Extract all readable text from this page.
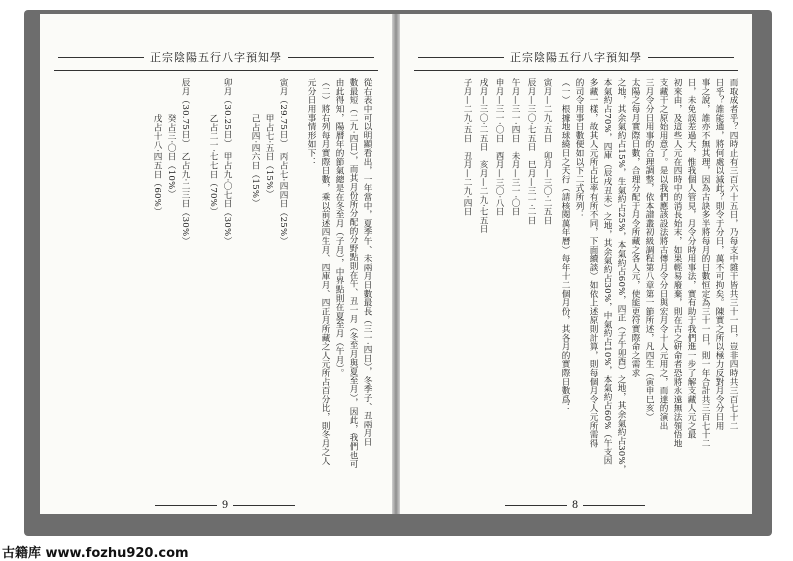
正宗陰陽五行八字預知學
從右表中可以明顯看出，一年當中，夏季午、未兩月日數最長（三一·四日），冬季子、丑兩月日
數最短（二九·四日），而其月份所分配的分野點則在午、丑一月（冬至月與夏至月），因此，我們也可
由此得知，陽曆年的節氣總是在冬至月（子月），中界點則在夏至月（午月）。
（二）將右列每月實際日數，乘以前述四生月、四庫月、四正月所藏之人元所占百分比，則冬月之人
元分日用事情形如下：
寅月（29.75日）　丙占七·四四日（25%）
甲占七·五日（15%）
己占四·四六日（15%）
卯月（30.25日）　甲占九·〇七日（30%）
乙占二一·七七日（70%）
辰月（30.75日）　乙占九·二三日（30%）
癸占三·〇日（10%）
戊占十八·四五日（60%）
9
正宗陰陽五行八字預知學
而取成者乎？四時止有三百六十五日，乃每支中雜干皆共三十一日，豈非四時共三百七十二
日乎？誰能通，將何處以減此？則令于分日，萬不可拘矣。陳實之所以極力反對月令分日用
事之說，誰亦不無其理，因為古訣多半將每月的日數恒定為三十一日，則一年合計共三百七十二
日，未免誤差過大，惟我個人管見，月令分時用事法，實有助于我們進一步了解支藏人元之最
初來由，及這些人元在四時中的消長始末，如果輕易廢棄，則在古之研命者恐將永遠無法領悟地
支藏干之原始用意了。是以我們應該設法將古傳月令分日與宏月令十人元用之，而達的演出
三月令分日用事的合理調整，依本譜叢初級調程第八章第一節所述，凡四生（寅申巳亥）
太陽之每月實際日數，合理分配于月令所藏之各人元，使能更符實際命之需求
之地，其余氣約占15%，生氣約占25%，本氣約占60%，四正（子午卯酉）之地，其余氣約占30%，
本氣約占70%，四庫（辰戌丑未）之地，其余氣約占30%，中氣約占10%，本氣約占60%（午支因
多藏一樣，故其人元所占比率有所不同，下面續談）如依上述原則計算，則每個月令人元所需得
的司令用事日數便如以下二式所列：
（一）根據地球繞日之天行（請核閱萬年曆）每年十二個月份，其各月的實際日數爲：
寅月—二九·五日　卯月—三〇·二五日
辰月—三〇·七五日　巳月—三一·二日
午月—三一·四日　未月—三一·〇日
申月—三一·〇日　酉月—三〇·八日
戌月—三〇·二五日　亥月—二九·七五日
子月—二九·五日　丑月—二九·四日
8
古籍库 www.fozhu920.com
